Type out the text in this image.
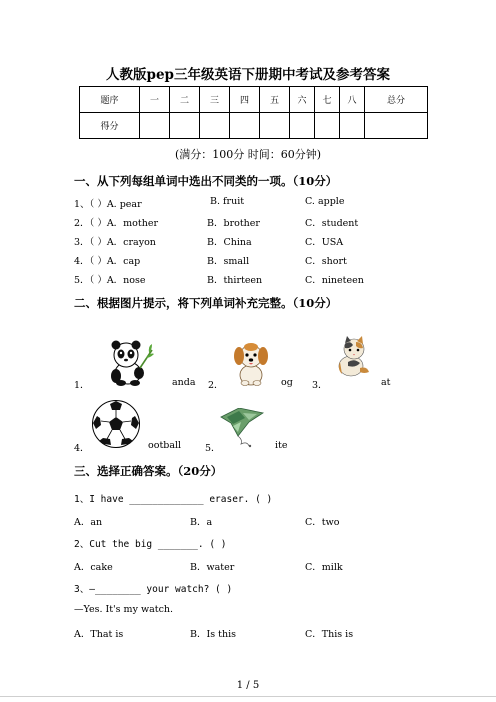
人教版pep三年级英语下册期中考试及参考答案
题序	一	二	三	四	五	六	七	八	总分
得分									
(满分：100分 时间：60分钟)
一、从下列每组单词中选出不同类的一项。（10分）
1、（ ）A. pear	B. fruit	C. apple
2．（ ）A．mother	B．brother	C．student
3．（ ）A．crayon	B．China	C．USA
4．（ ）A．cap	B．small	C．short
5．（ ）A．nose	B．thirteen	C．nineteen
二、根据图片提示，将下列单词补充完整。（10分）
1．	anda 2．	og 3．	at
4．	ootball	5．	ite
三、选择正确答案。（20分）
1、I have _____________ eraser. ( )
A．an	B．a	C．two
2、Cut the big _______. ( )
A．cake	B．water	C．milk
3、—________ your watch? ( )
—Yes. It's my watch.
A．That is	B．Is this	C．This is
1 / 5
